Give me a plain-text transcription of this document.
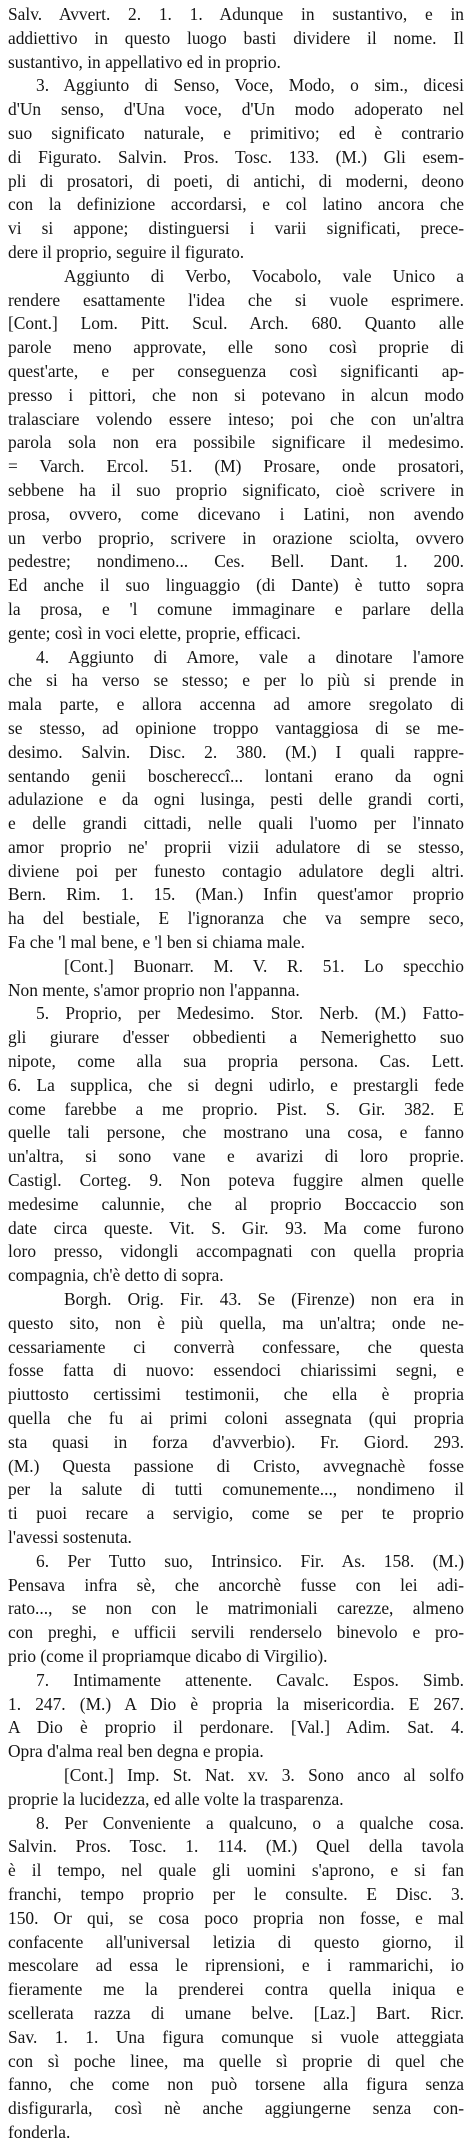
Salv. Avvert. 2. 1. 1. Adunque in sustantivo, e in
addiettivo in questo luogo basti dividere il nome. Il
sustantivo, in appellativo ed in proprio.
3. Aggiunto di Senso, Voce, Modo, o sim., dicesi
d'Un senso, d'Una voce, d'Un modo adoperato nel
suo significato naturale, e primitivo; ed è contrario
di Figurato. Salvin. Pros. Tosc. 133. (M.) Gli esem-
pli di prosatori, di poeti, di antichi, di moderni, deono
con la definizione accordarsi, e col latino ancora che
vi si appone; distinguersi i varii significati, prece-
dere il proprio, seguire il figurato.
Aggiunto di Verbo, Vocabolo, vale Unico a
rendere esattamente l'idea che si vuole esprimere.
[Cont.] Lom. Pitt. Scul. Arch. 680. Quanto alle
parole meno approvate, elle sono così proprie di
quest'arte, e per conseguenza così significanti ap-
presso i pittori, che non si potevano in alcun modo
tralasciare volendo essere inteso; poi che con un'altra
parola sola non era possibile significare il medesimo.
= Varch. Ercol. 51. (M) Prosare, onde prosatori,
sebbene ha il suo proprio significato, cioè scrivere in
prosa, ovvero, come dicevano i Latini, non avendo
un verbo proprio, scrivere in orazione sciolta, ovvero
pedestre; nondimeno... Ces. Bell. Dant. 1. 200.
Ed anche il suo linguaggio (di Dante) è tutto sopra
la prosa, e 'l comune immaginare e parlare della
gente; così in voci elette, proprie, efficaci.
4. Aggiunto di Amore, vale a dinotare l'amore
che si ha verso se stesso; e per lo più si prende in
mala parte, e allora accenna ad amore sregolato di
se stesso, ad opinione troppo vantaggiosa di se me-
desimo. Salvin. Disc. 2. 380. (M.) I quali rappre-
sentando genii boschereccî... lontani erano da ogni
adulazione e da ogni lusinga, pesti delle grandi corti,
e delle grandi cittadi, nelle quali l'uomo per l'innato
amor proprio ne' proprii vizii adulatore di se stesso,
diviene poi per funesto contagio adulatore degli altri.
Bern. Rim. 1. 15. (Man.) Infin quest'amor proprio
ha del bestiale, E l'ignoranza che va sempre seco,
Fa che 'l mal bene, e 'l ben si chiama male.
[Cont.] Buonarr. M. V. R. 51. Lo specchio
Non mente, s'amor proprio non l'appanna.
5. Proprio, per Medesimo. Stor. Nerb. (M.) Fatto-
gli giurare d'esser obbedienti a Nemerighetto suo
nipote, come alla sua propria persona. Cas. Lett.
6. La supplica, che si degni udirlo, e prestargli fede
come farebbe a me proprio. Pist. S. Gir. 382. E
quelle tali persone, che mostrano una cosa, e fanno
un'altra, si sono vane e avarizi di loro proprie.
Castigl. Corteg. 9. Non poteva fuggire almen quelle
medesime calunnie, che al proprio Boccaccio son
date circa queste. Vit. S. Gir. 93. Ma come furono
loro presso, vidongli accompagnati con quella propria
compagnia, ch'è detto di sopra.
Borgh. Orig. Fir. 43. Se (Firenze) non era in
questo sito, non è più quella, ma un'altra; onde ne-
cessariamente ci converrà confessare, che questa
fosse fatta di nuovo: essendoci chiarissimi segni, e
piuttosto certissimi testimonii, che ella è propria
quella che fu ai primi coloni assegnata (qui propria
sta quasi in forza d'avverbio). Fr. Giord. 293.
(M.) Questa passione di Cristo, avvegnachè fosse
per la salute di tutti comunemente..., nondimeno il
ti puoi recare a servigio, come se per te proprio
l'avessi sostenuta.
6. Per Tutto suo, Intrinsico. Fir. As. 158. (M.)
Pensava infra sè, che ancorchè fusse con lei adi-
rato..., se non con le matrimoniali carezze, almeno
con preghi, e ufficii servili renderselo binevolo e pro-
prio (come il propriamque dicabo di Virgilio).
7. Intimamente attenente. Cavalc. Espos. Simb.
1. 247. (M.) A Dio è propria la misericordia. E 267.
A Dio è proprio il perdonare. [Val.] Adim. Sat. 4.
Opra d'alma real ben degna e propia.
[Cont.] Imp. St. Nat. xv. 3. Sono anco al solfo
proprie la lucidezza, ed alle volte la trasparenza.
8. Per Conveniente a qualcuno, o a qualche cosa.
Salvin. Pros. Tosc. 1. 114. (M.) Quel della tavola
è il tempo, nel quale gli uomini s'aprono, e si fan
franchi, tempo proprio per le consulte. E Disc. 3.
150. Or qui, se cosa poco propria non fosse, e mal
confacente all'universal letizia di questo giorno, il
mescolare ad essa le riprensioni, e i rammarichi, io
fieramente me la prenderei contra quella iniqua e
scellerata razza di umane belve. [Laz.] Bart. Ricr.
Sav. 1. 1. Una figura comunque si vuole atteggiata
con sì poche linee, ma quelle sì proprie di quel che
fanno, che come non può torsene alla figura senza
disfigurarla, così nè anche aggiungerne senza con-
fonderla.
